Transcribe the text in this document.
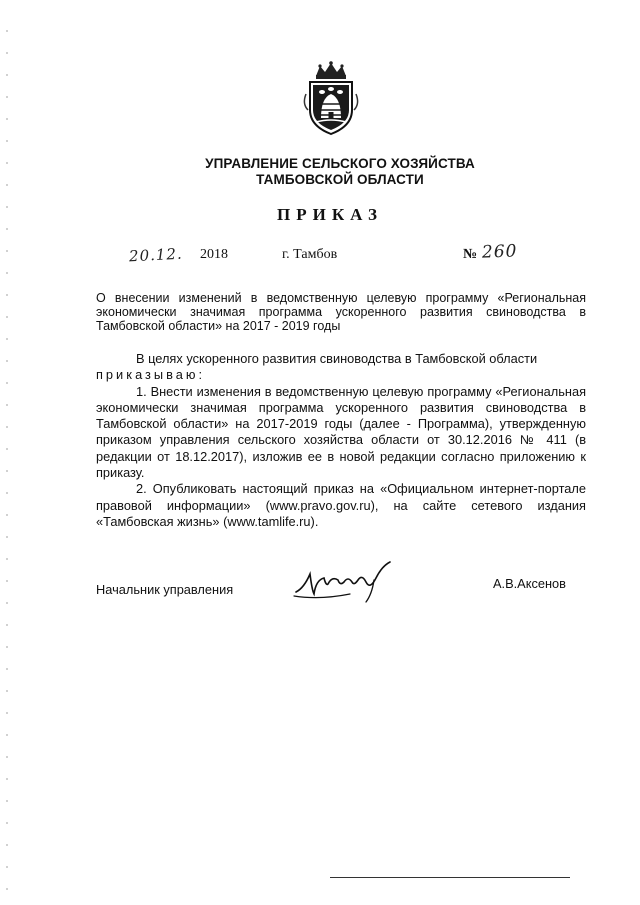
УПРАВЛЕНИЕ СЕЛЬСКОГО ХОЗЯЙСТВА
ТАМБОВСКОЙ ОБЛАСТИ
ПРИКАЗ
20.12. 2018	г. Тамбов	№ 260
О внесении изменений в ведомственную целевую программу «Региональная экономически значимая программа ускоренного развития свиноводства в Тамбовской области» на 2017 - 2019 годы

В целях ускоренного развития свиноводства в Тамбовской области

приказываю:

1. Внести изменения в ведомственную целевую программу «Региональная экономически значимая программа ускоренного развития свиноводства в Тамбовской области» на 2017-2019 годы (далее - Программа), утвержденную приказом управления сельского хозяйства области от 30.12.2016 № 411 (в редакции от 18.12.2017), изложив ее в новой редакции согласно приложению к приказу.

2. Опубликовать настоящий приказ на «Официальном интернет-портале правовой информации» (www.pravo.gov.ru), на сайте сетевого издания «Тамбовская жизнь» (www.tamlife.ru).

Начальник управления	А.В.Аксенов
